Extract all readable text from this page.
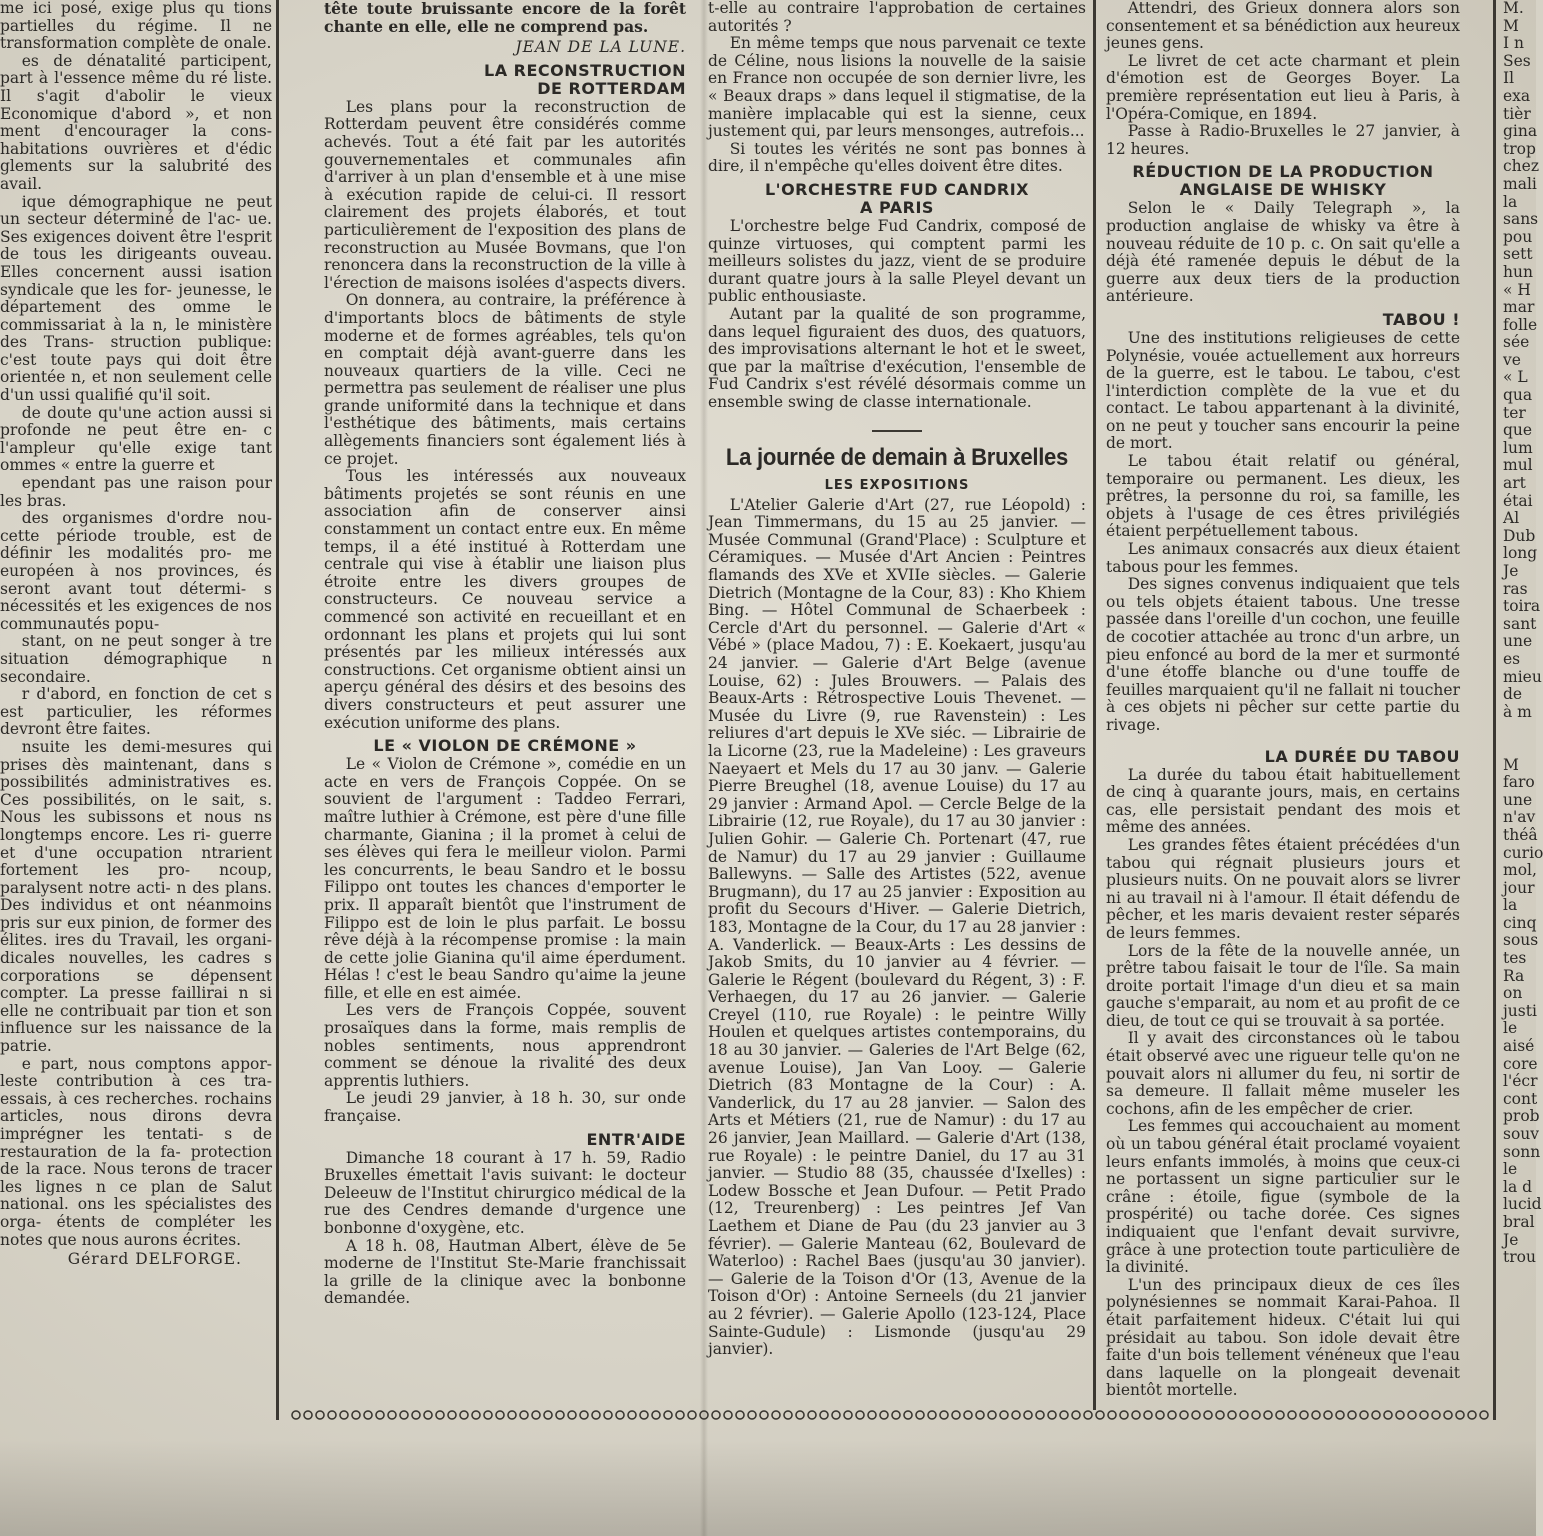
me ici posé, exige plus qu tions partielles du régime. Il ne transformation complète de onale.

es de dénatalité participent, part à l'essence même du ré liste. Il s'agit d'abolir le vieux Economique d'abord », et non ment d'encourager la cons- habitations ouvrières et d'édic glements sur la salubrité des avail.

ique démographique ne peut un secteur déterminé de l'ac- ue. Ses exigences doivent être l'esprit de tous les dirigeants ouveau. Elles concernent aussi isation syndicale que les for- jeunesse, le département des omme le commissariat à la n, le ministère des Trans- struction publique: c'est toute pays qui doit être orientée n, et non seulement celle d'un ussi qualifié qu'il soit.

de doute qu'une action aussi si profonde ne peut être en- c l'ampleur qu'elle exige tant ommes « entre la guerre et

ependant pas une raison pour les bras.

des organismes d'ordre nou- cette période trouble, est de définir les modalités pro- me européen à nos provinces, és seront avant tout détermi- s nécessités et les exigences de nos communautés popu-

stant, on ne peut songer à tre situation démographique n secondaire.

r d'abord, en fonction de cet s est particulier, les réformes devront être faites.

nsuite les demi-mesures qui prises dès maintenant, dans s possibilités administratives es. Ces possibilités, on le sait, s. Nous les subissons et nous ns longtemps encore. Les ri- guerre et d'une occupation ntrarient fortement les pro- ncoup, paralysent notre acti- n des plans. Des individus et ont néanmoins pris sur eux pinion, de former des élites. ires du Travail, les organi- dicales nouvelles, les cadres s corporations se dépensent compter. La presse faillirai n si elle ne contribuait par tion et son influence sur les naissance de la patrie.

e part, nous comptons appor- leste contribution à ces tra- essais, à ces recherches. rochains articles, nous dirons devra imprégner les tentati- s de restauration de la fa- protection de la race. Nous terons de tracer les lignes n ce plan de Salut national. ons les spécialistes des orga- étents de compléter les notes que nous aurons écrites.

Gérard DELFORGE.

tête toute bruissante encore de la forêt chante en elle, elle ne comprend pas.

JEAN DE LA LUNE.
LA RECONSTRUCTION
DE ROTTERDAM

Les plans pour la reconstruction de Rotterdam peuvent être considérés comme achevés. Tout a été fait par les autorités gouvernementales et communales afin d'arriver à un plan d'ensemble et à une mise à exécution rapide de celui-ci. Il ressort clairement des projets élaborés, et tout particulièrement de l'exposition des plans de reconstruction au Musée Bovmans, que l'on renoncera dans la reconstruction de la ville à l'érection de maisons isolées d'aspects divers.

On donnera, au contraire, la préférence à d'importants blocs de bâtiments de style moderne et de formes agréables, tels qu'on en comptait déjà avant-guerre dans les nouveaux quartiers de la ville. Ceci ne permettra pas seulement de réaliser une plus grande uniformité dans la technique et dans l'esthétique des bâtiments, mais certains allègements financiers sont également liés à ce projet.

Tous les intéressés aux nouveaux bâtiments projetés se sont réunis en une association afin de conserver ainsi constamment un contact entre eux. En même temps, il a été institué à Rotterdam une centrale qui vise à établir une liaison plus étroite entre les divers groupes de constructeurs. Ce nouveau service a commencé son activité en recueillant et en ordonnant les plans et projets qui lui sont présentés par les milieux intéressés aux constructions. Cet organisme obtient ainsi un aperçu général des désirs et des besoins des divers constructeurs et peut assurer une exécution uniforme des plans.

LE « VIOLON DE CRÉMONE »

Le « Violon de Crémone », comédie en un acte en vers de François Coppée. On se souvient de l'argument : Taddeo Ferrari, maître luthier à Crémone, est père d'une fille charmante, Gianina ; il la promet à celui de ses élèves qui fera le meilleur violon. Parmi les concurrents, le beau Sandro et le bossu Filippo ont toutes les chances d'emporter le prix. Il apparaît bientôt que l'instrument de Filippo est de loin le plus parfait. Le bossu rêve déjà à la récompense promise : la main de cette jolie Gianina qu'il aime éperdument. Hélas ! c'est le beau Sandro qu'aime la jeune fille, et elle en est aimée.

Les vers de François Coppée, souvent prosaïques dans la forme, mais remplis de nobles sentiments, nous apprendront comment se dénoue la rivalité des deux apprentis luthiers.

Le jeudi 29 janvier, à 18 h. 30, sur onde française.

ENTR'AIDE

Dimanche 18 courant à 17 h. 59, Radio Bruxelles émettait l'avis suivant: le docteur Deleeuw de l'Institut chirurgico médical de la rue des Cendres demande d'urgence une bonbonne d'oxygène, etc.

A 18 h. 08, Hautman Albert, élève de 5e moderne de l'Institut Ste-Marie franchissait la grille de la clinique avec la bonbonne demandée.

t-elle au contraire l'approbation de certaines autorités ?

En même temps que nous parvenait ce texte de Céline, nous lisions la nouvelle de la saisie en France non occupée de son dernier livre, les « Beaux draps » dans lequel il stigmatise, de la manière implacable qui est la sienne, ceux justement qui, par leurs mensonges, autrefois...

Si toutes les vérités ne sont pas bonnes à dire, il n'empêche qu'elles doivent être dites.

L'ORCHESTRE FUD CANDRIX
A PARIS

L'orchestre belge Fud Candrix, composé de quinze virtuoses, qui comptent parmi les meilleurs solistes du jazz, vient de se produire durant quatre jours à la salle Pleyel devant un public enthousiaste.

Autant par la qualité de son programme, dans lequel figuraient des duos, des quatuors, des improvisations alternant le hot et le sweet, que par la maîtrise d'exécution, l'ensemble de Fud Candrix s'est révélé désormais comme un ensemble swing de classe internationale.

La journée de demain à Bruxelles
LES EXPOSITIONS

L'Atelier Galerie d'Art (27, rue Léopold) : Jean Timmermans, du 15 au 25 janvier. — Musée Communal (Grand'Place) : Sculpture et Céramiques. — Musée d'Art Ancien : Peintres flamands des XVe et XVIIe siècles. — Galerie Dietrich (Montagne de la Cour, 83) : Kho Khiem Bing. — Hôtel Communal de Schaerbeek : Cercle d'Art du personnel. — Galerie d'Art « Vébé » (place Madou, 7) : E. Koekaert, jusqu'au 24 janvier. — Galerie d'Art Belge (avenue Louise, 62) : Jules Brouwers. — Palais des Beaux-Arts : Rétrospective Louis Thevenet. — Musée du Livre (9, rue Ravenstein) : Les reliures d'art depuis le XVe siéc. — Librairie de la Licorne (23, rue la Madeleine) : Les graveurs Naeyaert et Mels du 17 au 30 janv. — Galerie Pierre Breughel (18, avenue Louise) du 17 au 29 janvier : Armand Apol. — Cercle Belge de la Librairie (12, rue Royale), du 17 au 30 janvier : Julien Gohir. — Galerie Ch. Portenart (47, rue de Namur) du 17 au 29 janvier : Guillaume Ballewyns. — Salle des Artistes (522, avenue Brugmann), du 17 au 25 janvier : Exposition au profit du Secours d'Hiver. — Galerie Dietrich, 183, Montagne de la Cour, du 17 au 28 janvier : A. Vanderlick. — Beaux-Arts : Les dessins de Jakob Smits, du 10 janvier au 4 février. — Galerie le Régent (boulevard du Régent, 3) : F. Verhaegen, du 17 au 26 janvier. — Galerie Creyel (110, rue Royale) : le peintre Willy Houlen et quelques artistes contemporains, du 18 au 30 janvier. — Galeries de l'Art Belge (62, avenue Louise), Jan Van Looy. — Galerie Dietrich (83 Montagne de la Cour) : A. Vanderlick, du 17 au 28 janvier. — Salon des Arts et Métiers (21, rue de Namur) : du 17 au 26 janvier, Jean Maillard. — Galerie d'Art (138, rue Royale) : le peintre Daniel, du 17 au 31 janvier. — Studio 88 (35, chaussée d'Ixelles) : Lodew Bossche et Jean Dufour. — Petit Prado (12, Treurenberg) : Les peintres Jef Van Laethem et Diane de Pau (du 23 janvier au 3 février). — Galerie Manteau (62, Boulevard de Waterloo) : Rachel Baes (jusqu'au 30 janvier). — Galerie de la Toison d'Or (13, Avenue de la Toison d'Or) : Antoine Serneels (du 21 janvier au 2 février). — Galerie Apollo (123-124, Place Sainte-Gudule) : Lismonde (jusqu'au 29 janvier).

Attendri, des Grieux donnera alors son consentement et sa bénédiction aux heureux jeunes gens.

Le livret de cet acte charmant et plein d'émotion est de Georges Boyer. La première représentation eut lieu à Paris, à l'Opéra-Comique, en 1894.

Passe à Radio-Bruxelles le 27 janvier, à 12 heures.

RÉDUCTION DE LA PRODUCTION
ANGLAISE DE WHISKY

Selon le « Daily Telegraph », la production anglaise de whisky va être à nouveau réduite de 10 p. c. On sait qu'elle a déjà été ramenée depuis le début de la guerre aux deux tiers de la production antérieure.

TABOU !

Une des institutions religieuses de cette Polynésie, vouée actuellement aux horreurs de la guerre, est le tabou. Le tabou, c'est l'interdiction complète de la vue et du contact. Le tabou appartenant à la divinité, on ne peut y toucher sans encourir la peine de mort.

Le tabou était relatif ou général, temporaire ou permanent. Les dieux, les prêtres, la personne du roi, sa famille, les objets à l'usage de ces êtres privilégiés étaient perpétuellement tabous.

Les animaux consacrés aux dieux étaient tabous pour les femmes.

Des signes convenus indiquaient que tels ou tels objets étaient tabous. Une tresse passée dans l'oreille d'un cochon, une feuille de cocotier attachée au tronc d'un arbre, un pieu enfoncé au bord de la mer et surmonté d'une étoffe blanche ou d'une touffe de feuilles marquaient qu'il ne fallait ni toucher à ces objets ni pêcher sur cette partie du rivage.

LA DURÉE DU TABOU

La durée du tabou était habituellement de cinq à quarante jours, mais, en certains cas, elle persistait pendant des mois et même des années.

Les grandes fêtes étaient précédées d'un tabou qui régnait plusieurs jours et plusieurs nuits. On ne pouvait alors se livrer ni au travail ni à l'amour. Il était défendu de pêcher, et les maris devaient rester séparés de leurs femmes.

Lors de la fête de la nouvelle année, un prêtre tabou faisait le tour de l'île. Sa main droite portait l'image d'un dieu et sa main gauche s'emparait, au nom et au profit de ce dieu, de tout ce qui se trouvait à sa portée.

Il y avait des circonstances où le tabou était observé avec une rigueur telle qu'on ne pouvait alors ni allumer du feu, ni sortir de sa demeure. Il fallait même museler les cochons, afin de les empêcher de crier.

Les femmes qui accouchaient au moment où un tabou général était proclamé voyaient leurs enfants immolés, à moins que ceux-ci ne portassent un signe particulier sur le crâne : étoile, figue (symbole de la prospérité) ou tache dorée. Ces signes indiquaient que l'enfant devait survivre, grâce à une protection toute particulière de la divinité.

L'un des principaux dieux de ces îles polynésiennes se nommait Karai-Pahoa. Il était parfaitement hideux. C'était lui qui présidait au tabou. Son idole devait être faite d'un bois tellement vénéneux que l'eau dans laquelle on la plongeait devenait bientôt mortelle.

M.
M
I n
Ses
Il
exa
tièr
gina
trop
chez
mali
la
sans
pou
sett
hun
« H
mar
folle
sée
ve
« L
qua
ter
que
lum
mul
art
étai
Al
Dub
long
Je
ras
toira
sant
une
es
mieu
de
à m
M
faro
une
n'av
théâ
curio
mol,
jour
la
cinq
sous
tes
Ra
on
justi
le
aisé
core
l'écr
cont
prob
souv
sonn
le
la d
lucid
bral
Je
trou
